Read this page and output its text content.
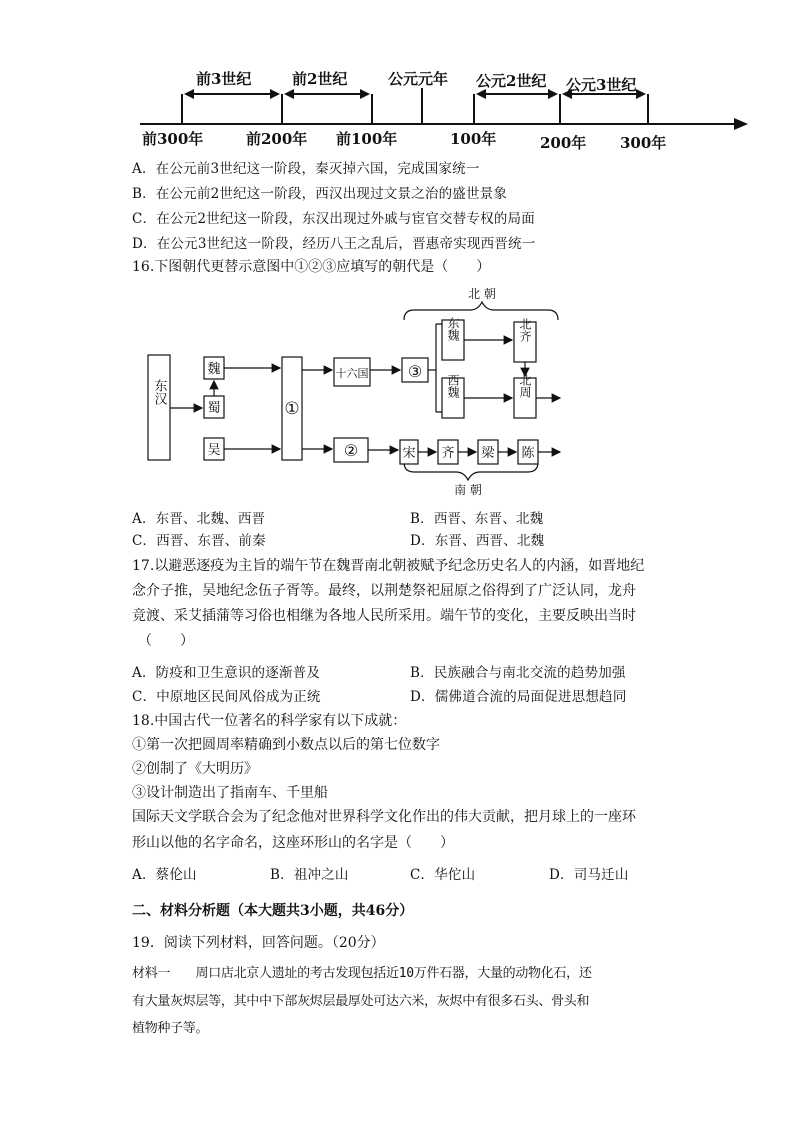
前3世纪	前2世纪	公元元年 公元2世纪 公元3世纪
前300年	前200年 前100年	100年	200年 300年
A．在公元前3世纪这一阶段，秦灭掉六国，完成国家统一
B．在公元前2世纪这一阶段，西汉出现过文景之治的盛世景象
C．在公元2世纪这一阶段，东汉出现过外戚与宦官交替专权的局面
D．在公元3世纪这一阶段，经历八王之乱后，晋惠帝实现西晋统一
16.下图朝代更替示意图中①②③应填写的朝代是（　　）
北 朝
南 朝
东汉
魏
蜀
吴
①
十六国 ③
东魏
西魏
北齐
北周
②	宋 齐 梁 陈
A．东晋、北魏、西晋	B．西晋、东晋、北魏
C．西晋、东晋、前秦	D．东晋、西晋、北魏
17.以避恶逐疫为主旨的端午节在魏晋南北朝被赋予纪念历史名人的内涵，如晋地纪
念介子推，吴地纪念伍子胥等。最终，以荆楚祭祀屈原之俗得到了广泛认同，龙舟
竞渡、采艾插蒲等习俗也相继为各地人民所采用。端午节的变化，主要反映出当时
（　　）
A．防疫和卫生意识的逐渐普及	B．民族融合与南北交流的趋势加强
C．中原地区民间风俗成为正统	D．儒佛道合流的局面促进思想趋同
18.中国古代一位著名的科学家有以下成就：
①第一次把圆周率精确到小数点以后的第七位数字
②创制了《大明历》
③设计制造出了指南车、千里船
国际天文学联合会为了纪念他对世界科学文化作出的伟大贡献，把月球上的一座环
形山以他的名字命名，这座环形山的名字是（　　）
A．蔡伦山	B．祖冲之山	C．华佗山	D．司马迁山
二、材料分析题（本大题共3小题，共46分）
19．阅读下列材料，回答问题。（20分）
材料一　　周口店北京人遗址的考古发现包括近10万件石器，大量的动物化石，还
有大量灰烬层等，其中中下部灰烬层最厚处可达六米，灰烬中有很多石头、骨头和
植物种子等。
